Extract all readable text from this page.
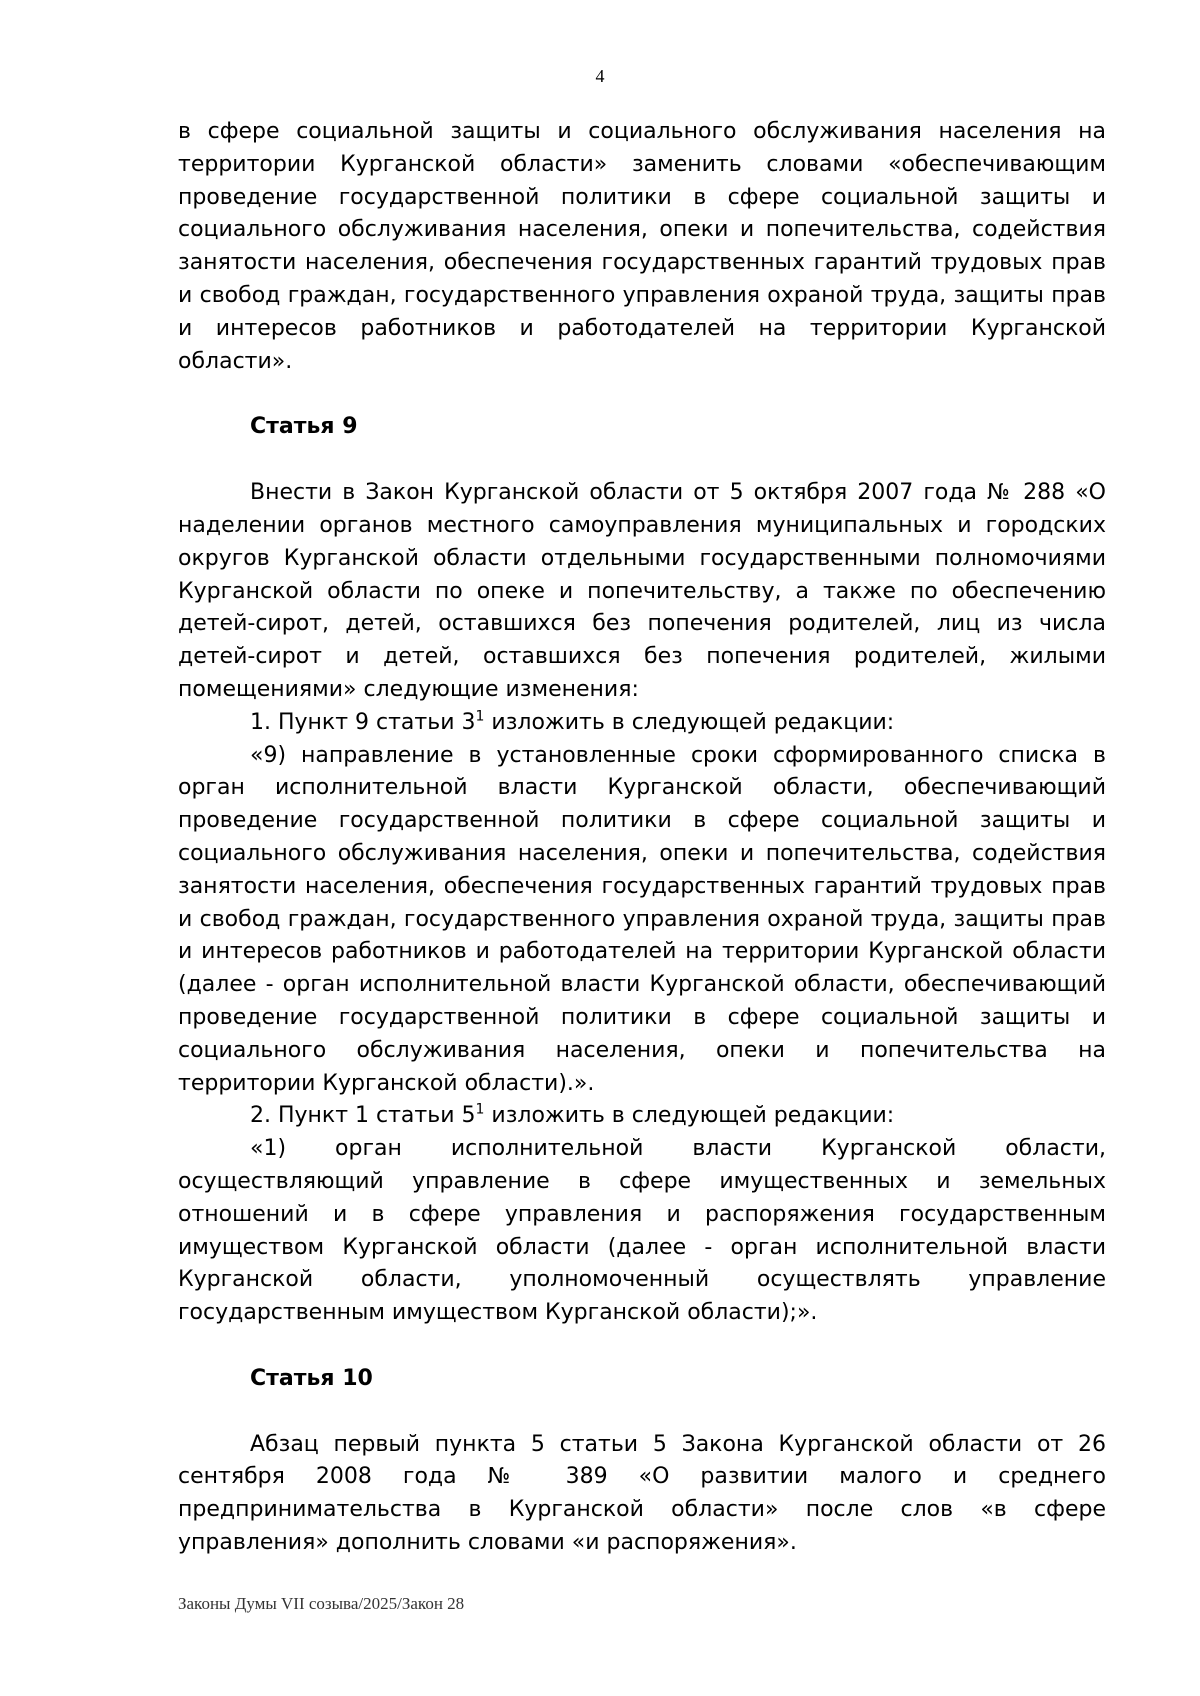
4

в сфере социальной защиты и социального обслуживания населения на территории Курганской области» заменить словами «обеспечивающим проведение государственной политики в сфере социальной защиты и социального обслуживания населения, опеки и попечительства, содействия занятости населения, обеспечения государственных гарантий трудовых прав и свобод граждан, государственного управления охраной труда, защиты прав и интересов работников и работодателей на территории Курганской области».

Статья 9

Внести в Закон Курганской области от 5 октября 2007 года № 288 «О наделении органов местного самоуправления муниципальных и городских округов Курганской области отдельными государственными полномочиями Курганской области по опеке и попечительству, а также по обеспечению детей-сирот, детей, оставшихся без попечения родителей, лиц из числа детей-сирот и детей, оставшихся без попечения родителей, жилыми помещениями» следующие изменения:

1. Пункт 9 статьи $3^1$ изложить в следующей редакции:

«9) направление в установленные сроки сформированного списка в орган исполнительной власти Курганской области, обеспечивающий проведение государственной политики в сфере социальной защиты и социального обслуживания населения, опеки и попечительства, содействия занятости населения, обеспечения государственных гарантий трудовых прав и свобод граждан, государственного управления охраной труда, защиты прав и интересов работников и работодателей на территории Курганской области (далее - орган исполнительной власти Курганской области, обеспечивающий проведение государственной политики в сфере социальной защиты и социального обслуживания населения, опеки и попечительства на территории Курганской области).».

2. Пункт 1 статьи $5^1$ изложить в следующей редакции:

«1) орган исполнительной власти Курганской области, осуществляющий управление в сфере имущественных и земельных отношений и в сфере управления и распоряжения государственным имуществом Курганской области (далее - орган исполнительной власти Курганской области, уполномоченный осуществлять управление государственным имуществом Курганской области);».

Статья 10

Абзац первый пункта 5 статьи 5 Закона Курганской области от 26 сентября 2008 года № 389 «О развитии малого и среднего предпринимательства в Курганской области» после слов «в сфере управления» дополнить словами «и распоряжения».

Законы Думы VII созыва/2025/Закон 28
